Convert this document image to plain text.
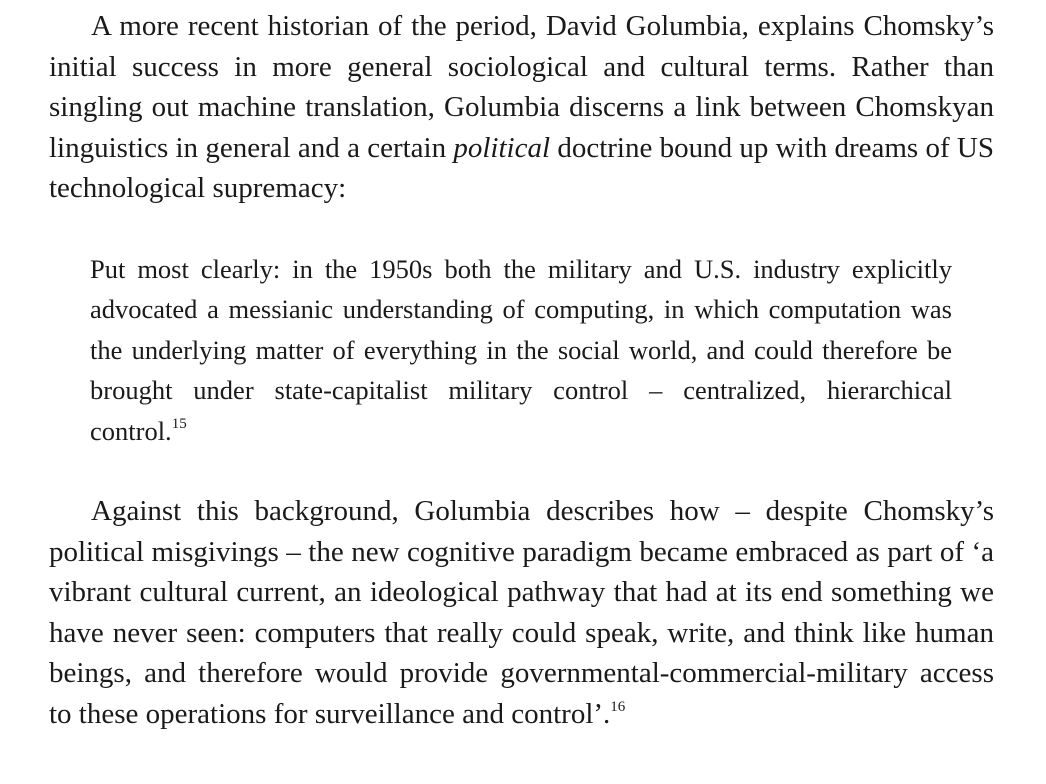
A more recent historian of the period, David Golumbia, explains Chomsky’s initial success in more general sociological and cultural terms. Rather than singling out machine translation, Golumbia discerns a link between Chomskyan linguistics in general and a certain political doctrine bound up with dreams of US technological supremacy:

Put most clearly: in the 1950s both the military and U.S. industry explicitly advocated a messianic understanding of computing, in which computation was the underlying matter of everything in the social world, and could therefore be brought under state-capitalist military control – centralized, hierarchical control.$^{15}$

Against this background, Golumbia describes how – despite Chomsky’s political misgivings – the new cognitive paradigm became embraced as part of ‘a vibrant cultural current, an ideological pathway that had at its end something we have never seen: computers that really could speak, write, and think like human beings, and therefore would provide governmental-commercial-military access to these operations for surveillance and control’.$^{16}$
